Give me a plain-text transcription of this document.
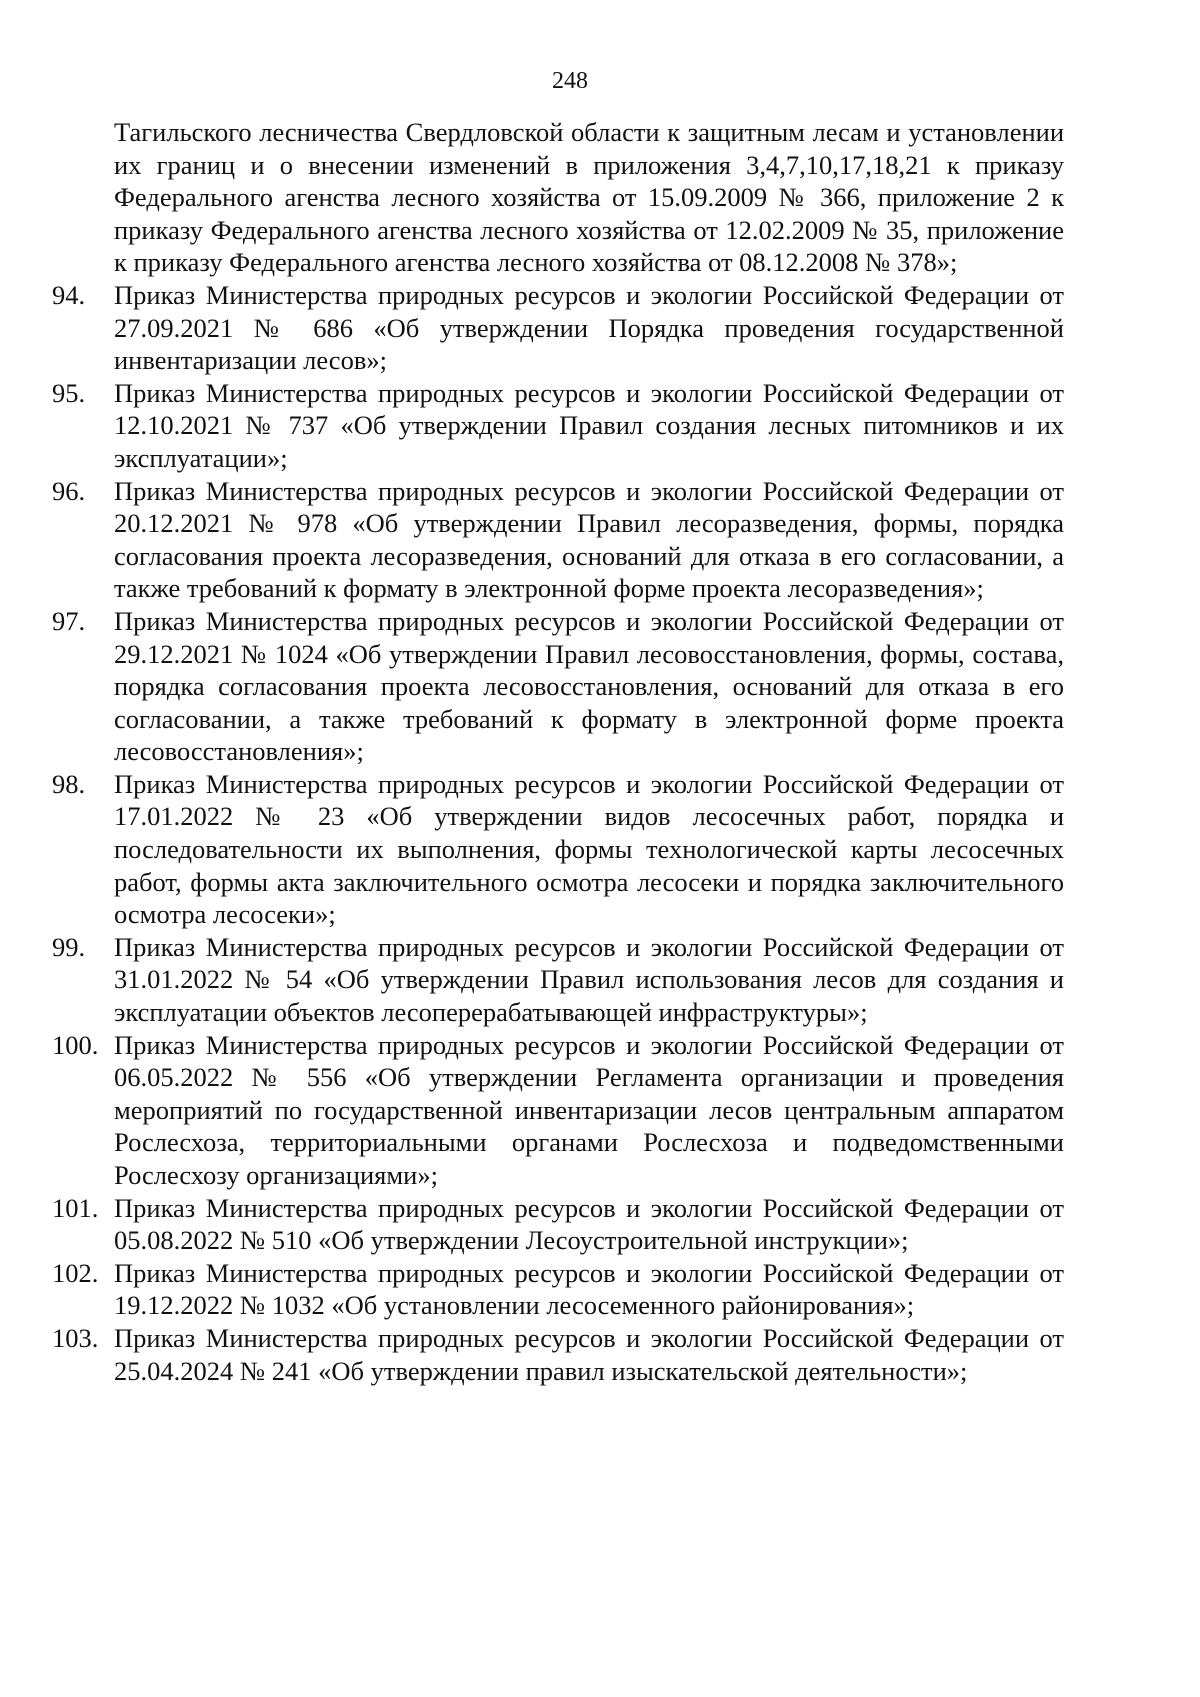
248
Тагильского лесничества Свердловской области к защитным лесам и установлении их границ и о внесении изменений в приложения 3,4,7,10,17,18,21 к приказу Федерального агенства лесного хозяйства от 15.09.2009 № 366, приложение 2 к приказу Федерального агенства лесного хозяйства от 12.02.2009 № 35, приложение к приказу Федерального агенства лесного хозяйства от 08.12.2008 № 378»;
94.	Приказ Министерства природных ресурсов и экологии Российской Федерации от 27.09.2021 № 686 «Об утверждении Порядка проведения государственной инвентаризации лесов»;
95.	Приказ Министерства природных ресурсов и экологии Российской Федерации от 12.10.2021 № 737 «Об утверждении Правил создания лесных питомников и их эксплуатации»;
96.	Приказ Министерства природных ресурсов и экологии Российской Федерации от 20.12.2021 № 978 «Об утверждении Правил лесоразведения, формы, порядка согласования проекта лесоразведения, оснований для отказа в его согласовании, а также требований к формату в электронной форме проекта лесоразведения»;
97.	Приказ Министерства природных ресурсов и экологии Российской Федерации от 29.12.2021 № 1024 «Об утверждении Правил лесовосстановления, формы, состава, порядка согласования проекта лесовосстановления, оснований для отказа в его согласовании, а также требований к формату в электронной форме проекта лесовосстановления»;
98.	Приказ Министерства природных ресурсов и экологии Российской Федерации от 17.01.2022 № 23 «Об утверждении видов лесосечных работ, порядка и последовательности их выполнения, формы технологической карты лесосечных работ, формы акта заключительного осмотра лесосеки и порядка заключительного осмотра лесосеки»;
99.	Приказ Министерства природных ресурсов и экологии Российской Федерации от 31.01.2022 № 54 «Об утверждении Правил использования лесов для создания и эксплуатации объектов лесоперерабатывающей инфраструктуры»;
100. Приказ Министерства природных ресурсов и экологии Российской Федерации от 06.05.2022 № 556 «Об утверждении Регламента организации и проведения мероприятий по государственной инвентаризации лесов центральным аппаратом Рослесхоза, территориальными органами Рослесхоза и подведомственными Рослесхозу организациями»;
101. Приказ Министерства природных ресурсов и экологии Российской Федерации от 05.08.2022 № 510 «Об утверждении Лесоустроительной инструкции»;
102. Приказ Министерства природных ресурсов и экологии Российской Федерации от 19.12.2022 № 1032 «Об установлении лесосеменного районирования»;
103. Приказ Министерства природных ресурсов и экологии Российской Федерации от 25.04.2024 № 241 «Об утверждении правил изыскательской деятельности»;
